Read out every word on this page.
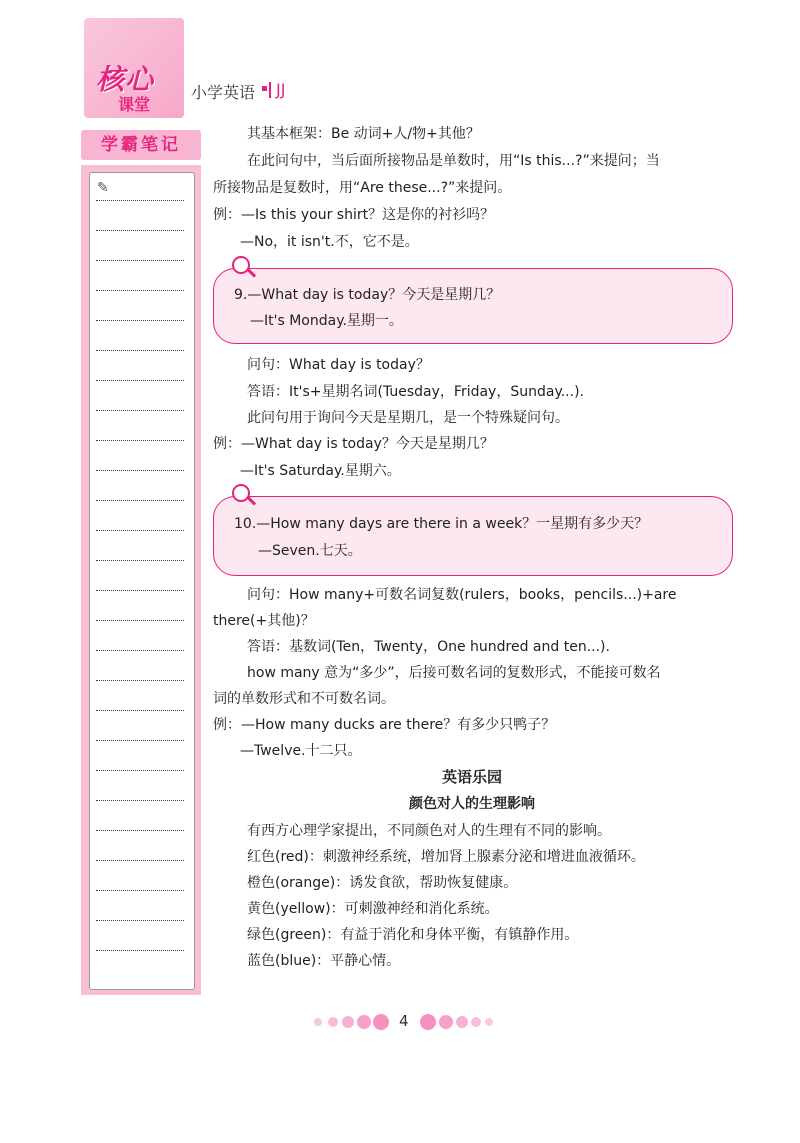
核心
课堂
小学英语 JJ
学霸笔记
✎
其基本框架：Be 动词+人/物+其他？
在此问句中，当后面所接物品是单数时，用“Is this...?”来提问；当
所接物品是复数时，用“Are these...?”来提问。
例：—Is this your shirt？这是你的衬衫吗？
—No，it isn't.不，它不是。
9.—What day is today？今天是星期几？
—It's Monday.星期一。
问句：What day is today？
答语：It's+星期名词(Tuesday，Friday，Sunday...).
此问句用于询问今天是星期几，是一个特殊疑问句。
例：—What day is today？今天是星期几？
—It's Saturday.星期六。
10.—How many days are there in a week？一星期有多少天？
—Seven.七天。
问句：How many+可数名词复数(rulers，books，pencils...)+are
there(+其他)？
答语：基数词(Ten，Twenty，One hundred and ten...).
how many 意为“多少”，后接可数名词的复数形式，不能接可数名
词的单数形式和不可数名词。
例：—How many ducks are there？有多少只鸭子？
—Twelve.十二只。
英语乐园
颜色对人的生理影响
有西方心理学家提出，不同颜色对人的生理有不同的影响。
红色(red)：刺激神经系统，增加肾上腺素分泌和增进血液循环。
橙色(orange)：诱发食欲，帮助恢复健康。
黄色(yellow)：可刺激神经和消化系统。
绿色(green)：有益于消化和身体平衡，有镇静作用。
蓝色(blue)：平静心情。
4
